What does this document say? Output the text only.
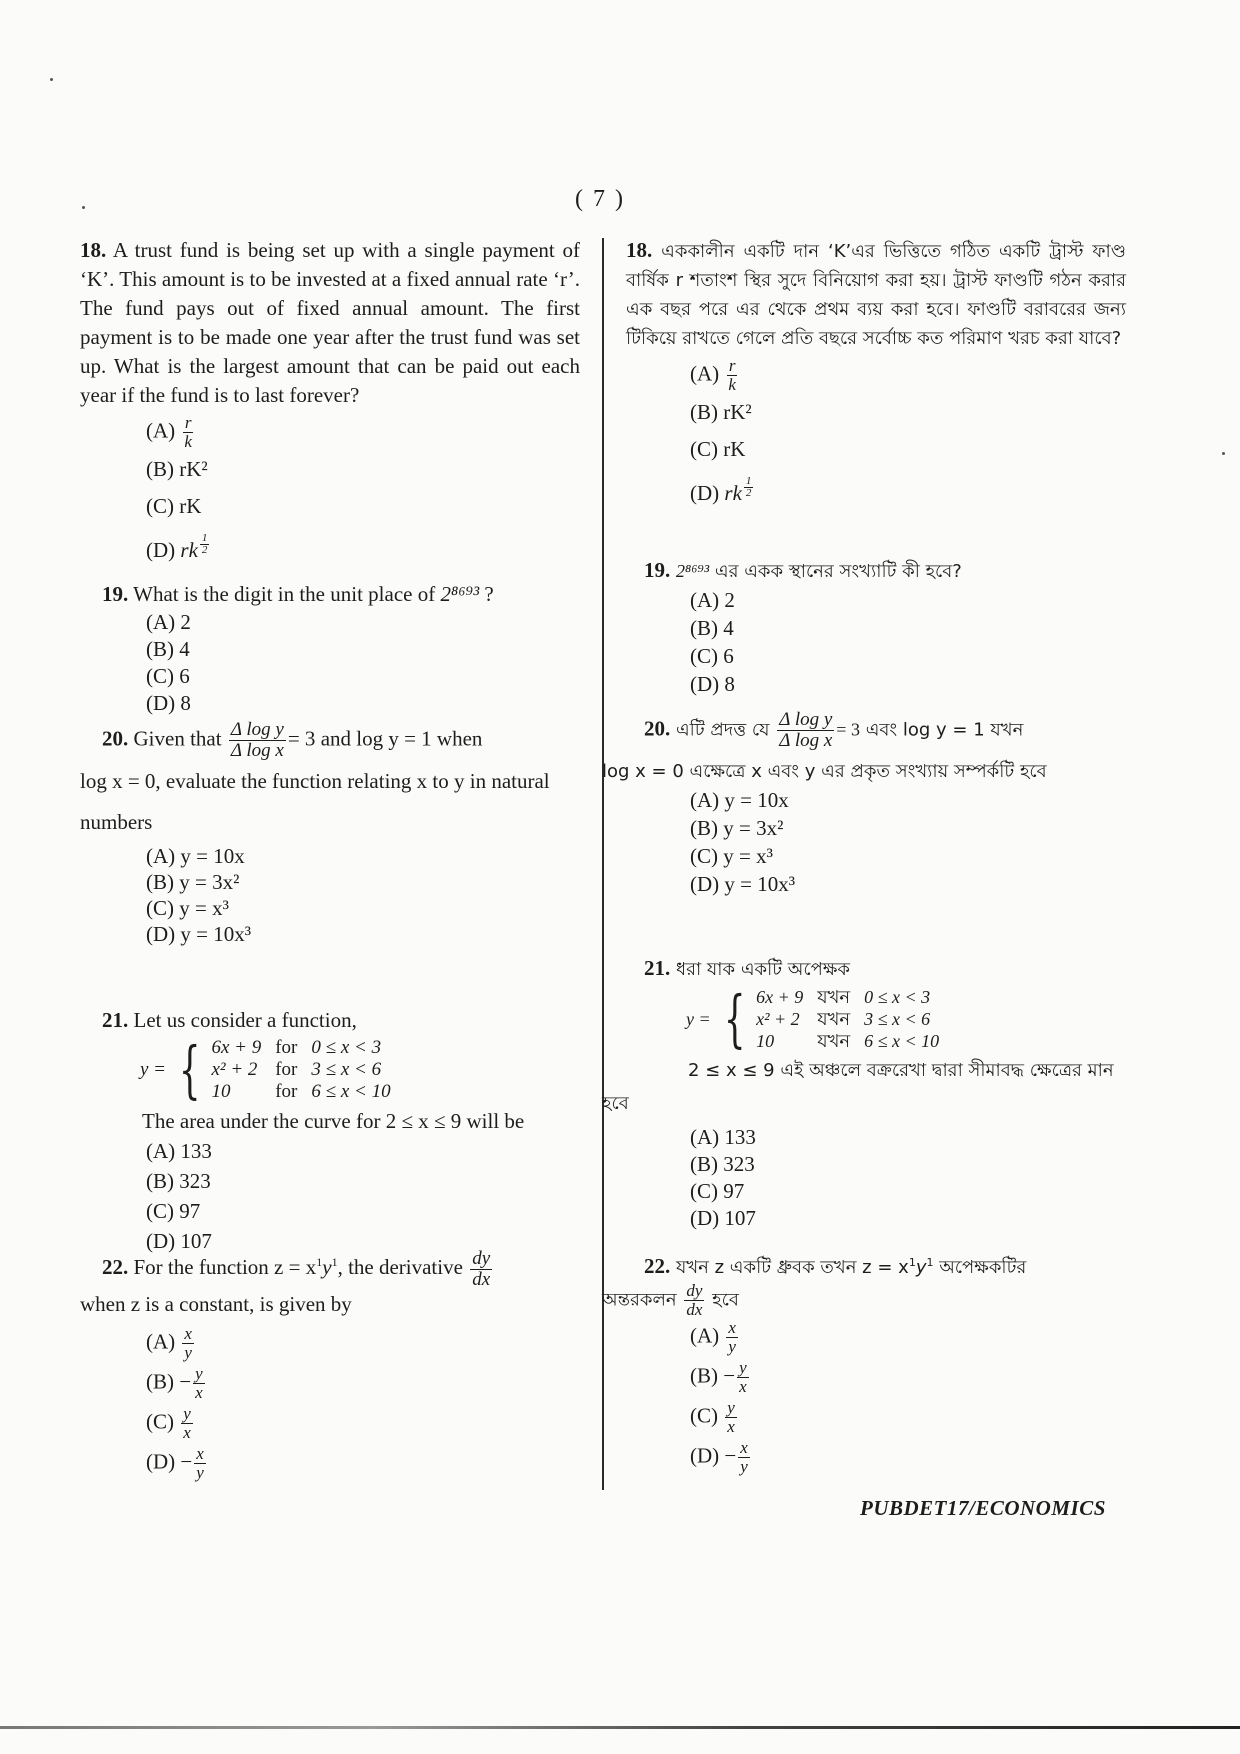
( 7 )
18. A trust fund is being set up with a single payment of ‘K’. This amount is to be invested at a fixed annual rate ‘r’. The fund pays out of fixed annual amount. The first payment is to be made one year after the trust fund was set up. What is the largest amount that can be paid out each year if the fund is to last forever?
$(A) \frac{r}{k}$
(B) rK²
(C) rK
(D) rk $^{\frac{1}{2}}$
19. What is the digit in the unit place of 2⁸⁶⁹³ ?
(A) 2
(B) 4
(C) 6
(D) 8
20. Given that $\frac{\text{Δ log y}}{\text{Δ log x}} = 3$ and log y = 1 when
log x = 0, evaluate the function relating x to y in natural
numbers
(A) y = 10x
(B) y = 3x²
(C) y = x³
(D) y = 10x³
21. Let us consider a function,
y = { 6x + 9 for 0 ≤ x < 3
x² + 2 for 3 ≤ x < 6
10	for 6 ≤ x < 10
The area under the curve for 2 ≤ x ≤ 9 will be
(A) 133
(B) 323
(C) 97
(D) 107
22. For the function $z = x^1y^1$, the derivative $\frac{dy}{dx}$
when z is a constant, is given by
$(A) \frac{x}{y}$
$(B) - \frac{y}{x}$
$(C) \frac{y}{x}$
$(D) - \frac{x}{y}$
18. এককালীন একটি দান ‘K’এর ভিত্তিতে গঠিত একটি ট্রাস্ট ফাণ্ড বার্ষিক r শতাংশ স্থির সুদে বিনিয়োগ করা হয়। ট্রাস্ট ফাণ্ডটি গঠন করার এক বছর পরে এর থেকে প্রথম ব্যয় করা হবে। ফাণ্ডটি বরাবরের জন্য টিকিয়ে রাখতে গেলে প্রতি বছরে সর্বোচ্চ কত পরিমাণ খরচ করা যাবে?
$(A) \frac{r}{k}$
(B) rK²
(C) rK
(D) rk $^{\frac{1}{2}}$
19. 2⁸⁶⁹³ এর একক স্থানের সংখ্যাটি কী হবে?
(A) 2
(B) 4
(C) 6
(D) 8
20. এটি প্রদত্ত যে $\frac{\text{Δ log y}}{\text{Δ log x}} = 3$ এবং log y = 1 যখন
log x = 0 এক্ষেত্রে x এবং y এর প্রকৃত সংখ্যায় সম্পর্কটি হবে
(A) y = 10x
(B) y = 3x²
(C) y = x³
(D) y = 10x³
21. ধরা যাক একটি অপেক্ষক
y = { 6x + 9 যখন 0 ≤ x < 3
x² + 2 যখন 3 ≤ x < 6
10	যখন 6 ≤ x < 10
2 ≤ x ≤ 9 এই অঞ্চলে বক্ররেখা দ্বারা সীমাবদ্ধ ক্ষেত্রের মান
হবে
(A) 133
(B) 323
(C) 97
(D) 107
22. যখন z একটি ধ্রুবক তখন $z = x^1y^1$ অপেক্ষকটির
অন্তরকলন $\frac{dy}{dx}$ হবে
$(A) \frac{x}{y}$
$(B) - \frac{y}{x}$
$(C) \frac{y}{x}$
$(D) - \frac{x}{y}$
PUBDET17/ECONOMICS
